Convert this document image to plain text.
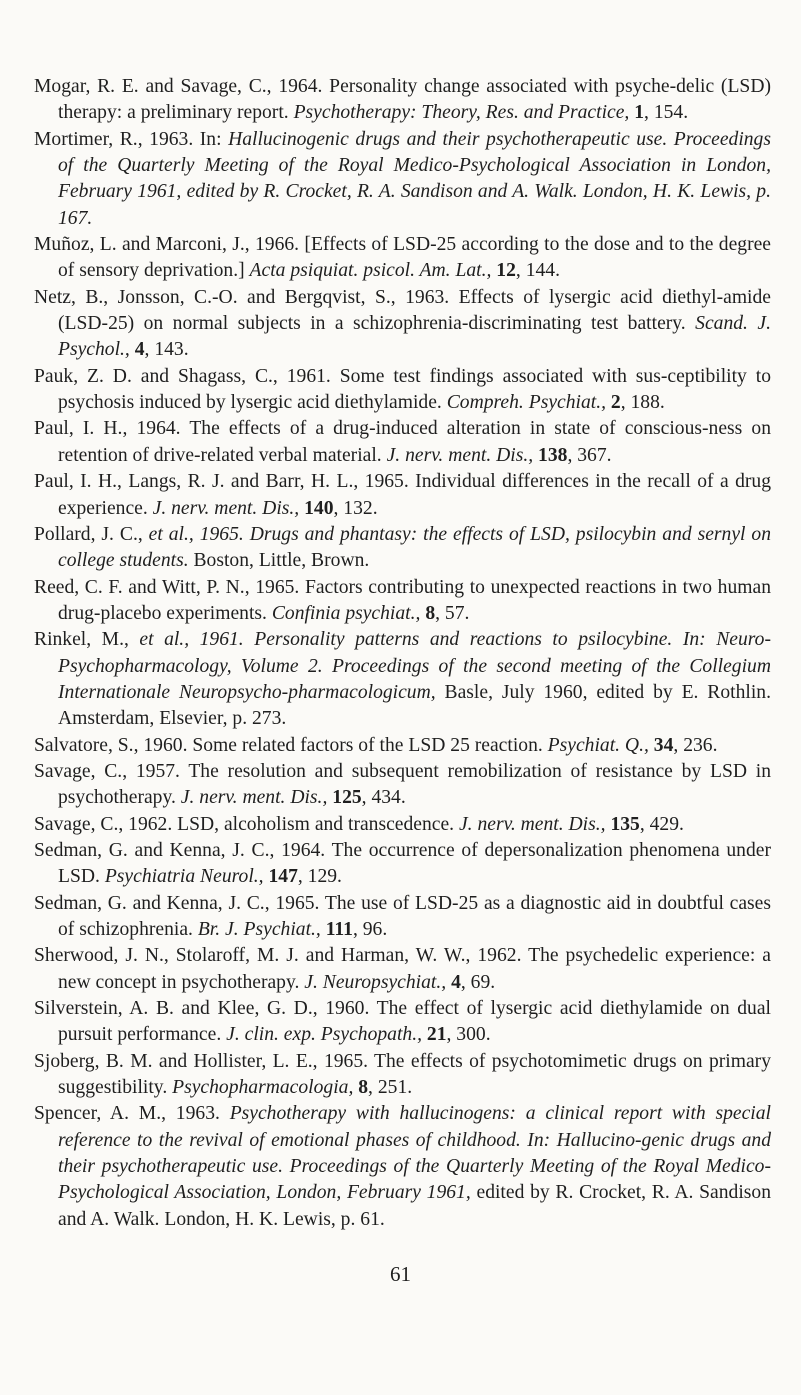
Mogar, R. E. and Savage, C., 1964. Personality change associated with psyche-delic (LSD) therapy: a preliminary report. Psychotherapy: Theory, Res. and Practice, 1, 154.

Mortimer, R., 1963. In: Hallucinogenic drugs and their psychotherapeutic use. Proceedings of the Quarterly Meeting of the Royal Medico-Psychological Association in London, February 1961, edited by R. Crocket, R. A. Sandison and A. Walk. London, H. K. Lewis, p. 167.

Muñoz, L. and Marconi, J., 1966. [Effects of LSD-25 according to the dose and to the degree of sensory deprivation.] Acta psiquiat. psicol. Am. Lat., 12, 144.

Netz, B., Jonsson, C.-O. and Bergqvist, S., 1963. Effects of lysergic acid diethyl-amide (LSD-25) on normal subjects in a schizophrenia-discriminating test battery. Scand. J. Psychol., 4, 143.

Pauk, Z. D. and Shagass, C., 1961. Some test findings associated with sus-ceptibility to psychosis induced by lysergic acid diethylamide. Compreh. Psychiat., 2, 188.

Paul, I. H., 1964. The effects of a drug-induced alteration in state of conscious-ness on retention of drive-related verbal material. J. nerv. ment. Dis., 138, 367.

Paul, I. H., Langs, R. J. and Barr, H. L., 1965. Individual differences in the recall of a drug experience. J. nerv. ment. Dis., 140, 132.

Pollard, J. C., et al., 1965. Drugs and phantasy: the effects of LSD, psilocybin and sernyl on college students. Boston, Little, Brown.

Reed, C. F. and Witt, P. N., 1965. Factors contributing to unexpected reactions in two human drug-placebo experiments. Confinia psychiat., 8, 57.

Rinkel, M., et al., 1961. Personality patterns and reactions to psilocybine. In: Neuro-Psychopharmacology, Volume 2. Proceedings of the second meeting of the Collegium Internationale Neuropsycho-pharmacologicum, Basle, July 1960, edited by E. Rothlin. Amsterdam, Elsevier, p. 273.

Salvatore, S., 1960. Some related factors of the LSD 25 reaction. Psychiat. Q., 34, 236.

Savage, C., 1957. The resolution and subsequent remobilization of resistance by LSD in psychotherapy. J. nerv. ment. Dis., 125, 434.

Savage, C., 1962. LSD, alcoholism and transcedence. J. nerv. ment. Dis., 135, 429.

Sedman, G. and Kenna, J. C., 1964. The occurrence of depersonalization phenomena under LSD. Psychiatria Neurol., 147, 129.

Sedman, G. and Kenna, J. C., 1965. The use of LSD-25 as a diagnostic aid in doubtful cases of schizophrenia. Br. J. Psychiat., 111, 96.

Sherwood, J. N., Stolaroff, M. J. and Harman, W. W., 1962. The psychedelic experience: a new concept in psychotherapy. J. Neuropsychiat., 4, 69.

Silverstein, A. B. and Klee, G. D., 1960. The effect of lysergic acid diethylamide on dual pursuit performance. J. clin. exp. Psychopath., 21, 300.

Sjoberg, B. M. and Hollister, L. E., 1965. The effects of psychotomimetic drugs on primary suggestibility. Psychopharmacologia, 8, 251.

Spencer, A. M., 1963. Psychotherapy with hallucinogens: a clinical report with special reference to the revival of emotional phases of childhood. In: Hallucino-genic drugs and their psychotherapeutic use. Proceedings of the Quarterly Meeting of the Royal Medico-Psychological Association, London, February 1961, edited by R. Crocket, R. A. Sandison and A. Walk. London, H. K. Lewis, p. 61.

61
